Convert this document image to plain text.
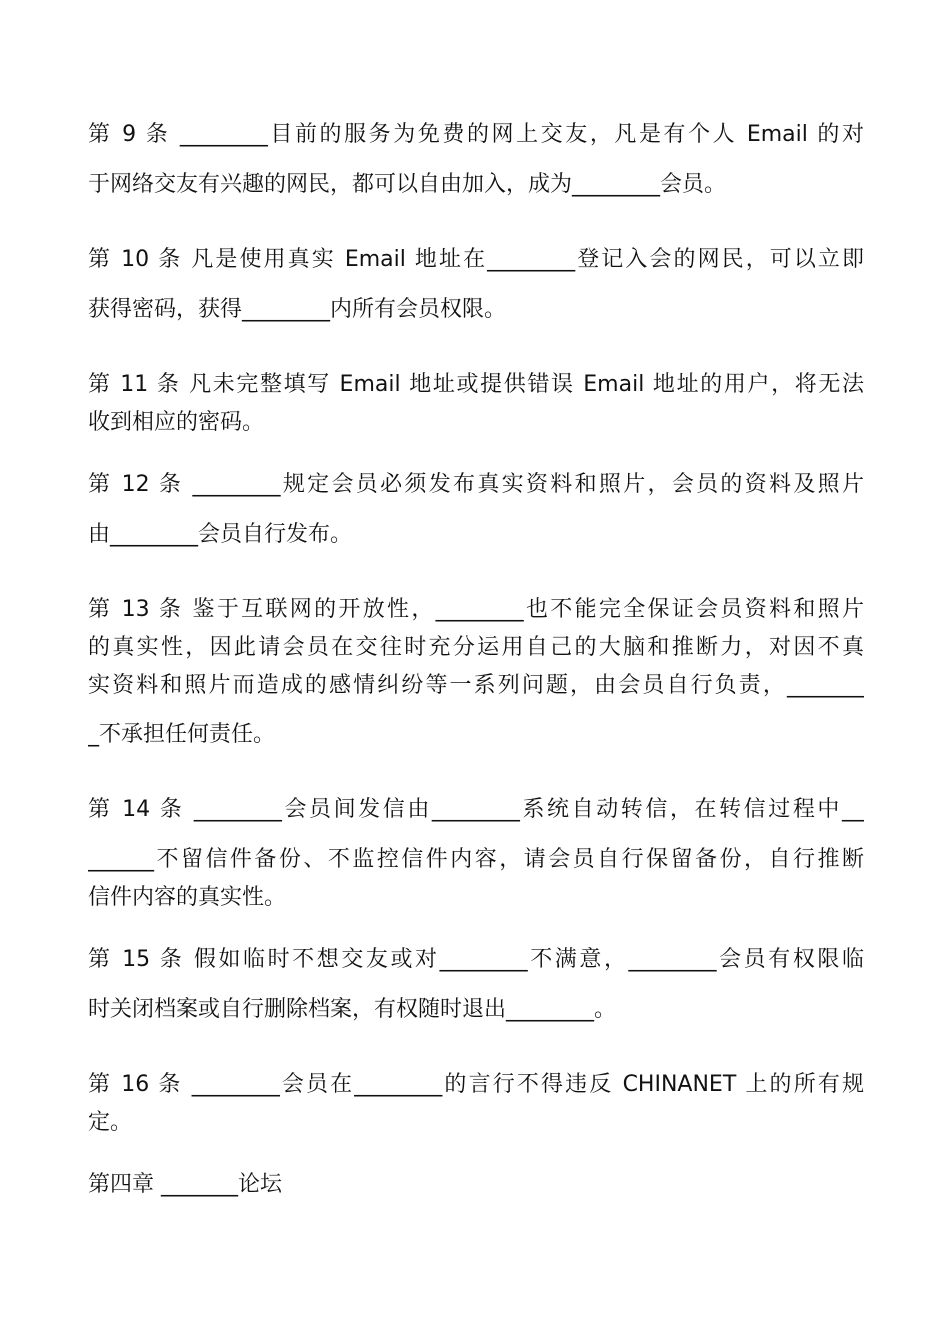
第 9 条 ________目前的服务为免费的网上交友，凡是有个人 Email 的对
于网络交友有兴趣的网民，都可以自由加入，成为________会员。
第 10 条 凡是使用真实 Email 地址在________登记入会的网民，可以立即
获得密码，获得________内所有会员权限。
第 11 条 凡未完整填写 Email 地址或提供错误 Email 地址的用户，将无法
收到相应的密码。
第 12 条 ________规定会员必须发布真实资料和照片，会员的资料及照片
由________会员自行发布。
第 13 条 鉴于互联网的开放性，________也不能完全保证会员资料和照片
的真实性，因此请会员在交往时充分运用自己的大脑和推断力，对因不真
实资料和照片而造成的感情纠纷等一系列问题，由会员自行负责，_______
_不承担任何责任。
第 14 条 ________会员间发信由________系统自动转信，在转信过程中__
______不留信件备份、不监控信件内容，请会员自行保留备份，自行推断
信件内容的真实性。
第 15 条 假如临时不想交友或对________不满意，________会员有权限临
时关闭档案或自行删除档案，有权随时退出________。
第 16 条 ________会员在________的言行不得违反 CHINANET 上的所有规
定。
第四章 _______论坛
